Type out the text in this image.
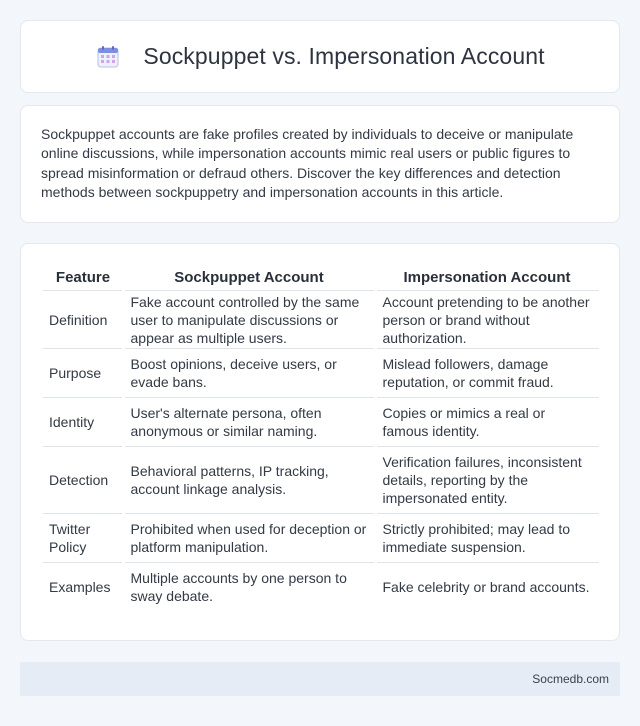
Sockpuppet vs. Impersonation Account

Sockpuppet accounts are fake profiles created by individuals to deceive or manipulate online discussions, while impersonation accounts mimic real users or public figures to spread misinformation or defraud others. Discover the key differences and detection methods between sockpuppetry and impersonation accounts in this article.

Feature	Sockpuppet Account	Impersonation Account
Definition	Fake account controlled by the same user to manipulate discussions or appear as multiple users.	Account pretending to be another person or brand without authorization.
Purpose	Boost opinions, deceive users, or evade bans.	Mislead followers, damage reputation, or commit fraud.
Identity	User's alternate persona, often anonymous or similar naming.	Copies or mimics a real or famous identity.
Detection	Behavioral patterns, IP tracking, account linkage analysis.	Verification failures, inconsistent details, reporting by the impersonated entity.
Twitter Policy	Prohibited when used for deception or platform manipulation.	Strictly prohibited; may lead to immediate suspension.
Examples	Multiple accounts by one person to sway debate.	Fake celebrity or brand accounts.
Socmedb.com
